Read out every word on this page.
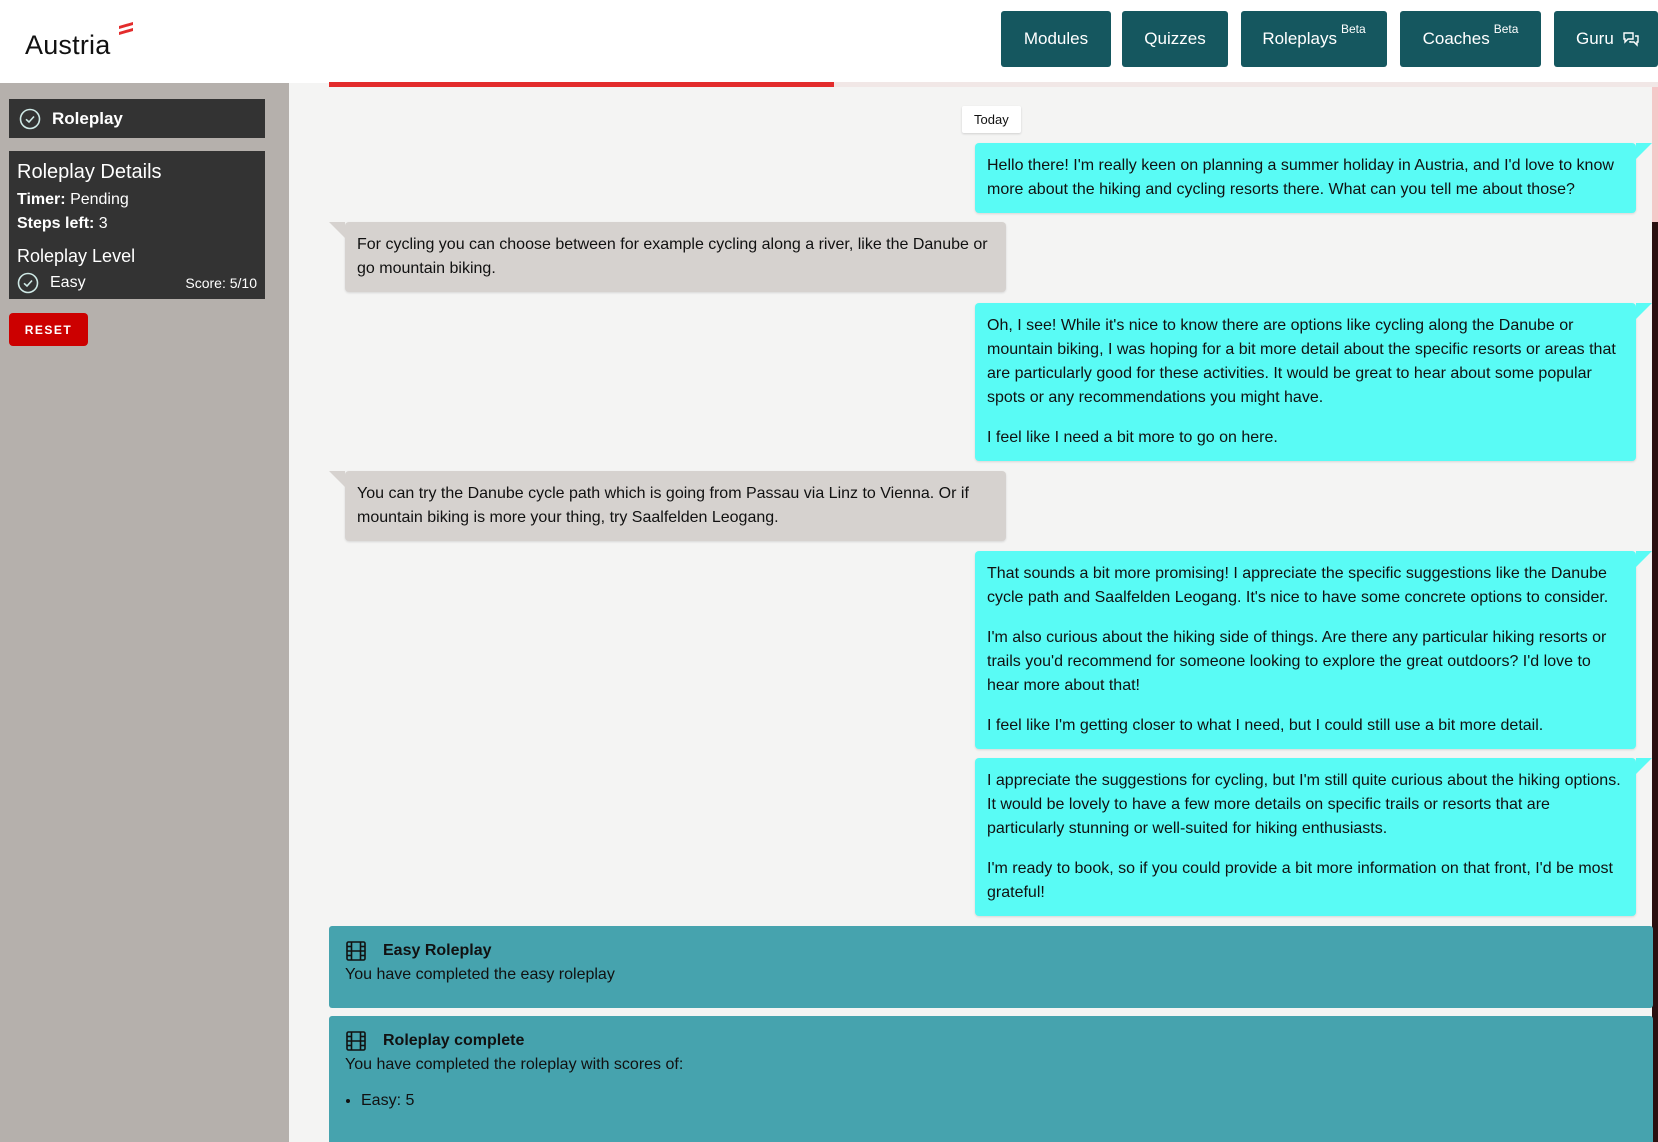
Austria	Modules	Quizzes	Roleplays $^{Beta}$	Coaches $^{Beta}$	Guru
Roleplay
Roleplay Details
Timer: Pending
Steps left: 3
Roleplay Level
Easy	Score: 5/10
RESET
Today

Hello there! I'm really keen on planning a summer holiday in Austria, and I'd love to know more about the hiking and cycling resorts there. What can you tell me about those?

For cycling you can choose between for example cycling along a river, like the Danube or go mountain biking.

Oh, I see! While it's nice to know there are options like cycling along the Danube or mountain biking, I was hoping for a bit more detail about the specific resorts or areas that are particularly good for these activities. It would be great to hear about some popular spots or any recommendations you might have.

I feel like I need a bit more to go on here.

You can try the Danube cycle path which is going from Passau via Linz to Vienna. Or if mountain biking is more your thing, try Saalfelden Leogang.

That sounds a bit more promising! I appreciate the specific suggestions like the Danube cycle path and Saalfelden Leogang. It's nice to have some concrete options to consider.

I'm also curious about the hiking side of things. Are there any particular hiking resorts or trails you'd recommend for someone looking to explore the great outdoors? I'd love to hear more about that!

I feel like I'm getting closer to what I need, but I could still use a bit more detail.

I appreciate the suggestions for cycling, but I'm still quite curious about the hiking options. It would be lovely to have a few more details on specific trails or resorts that are particularly stunning or well-suited for hiking enthusiasts.

I'm ready to book, so if you could provide a bit more information on that front, I'd be most grateful!

Easy Roleplay
You have completed the easy roleplay
Roleplay complete
You have completed the roleplay with scores of:
• Easy: 5
